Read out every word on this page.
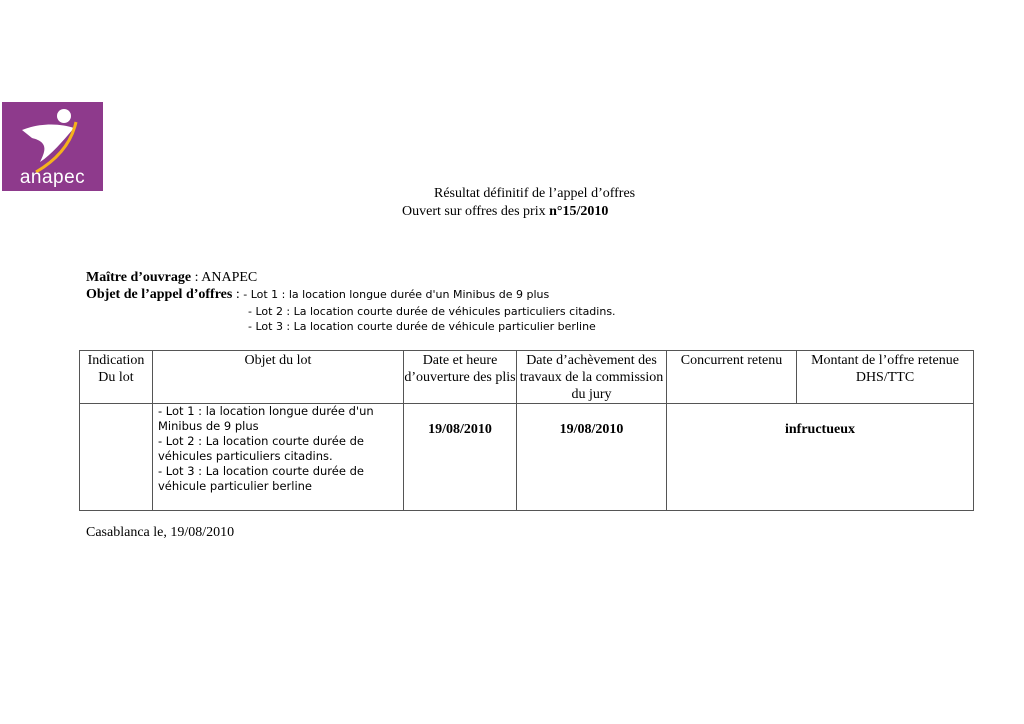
anapec
Résultat définitif de l’appel d’offres
Ouvert sur offres des prix n°15/2010
Maître d’ouvrage : ANAPEC
Objet de l’appel d’offres : - Lot 1 : la location longue durée d'un Minibus de 9 plus
- Lot 2 : La location courte durée de véhicules particuliers citadins.
- Lot 3 : La location courte durée de véhicule particulier berline
Indication Du lot	Objet du lot	Date et heure d’ouverture des plis	Date d’achèvement des travaux de la commission du jury	Concurrent retenu	Montant de l’offre retenue DHS/TTC

	- Lot 1 : la location longue durée d'un Minibus de 9 plus
- Lot 2 : La location courte durée de véhicules particuliers citadins.
- Lot 3 : La location courte durée de véhicule particulier berline	19/08/2010	19/08/2010	infructueux	
Casablanca le, 19/08/2010
